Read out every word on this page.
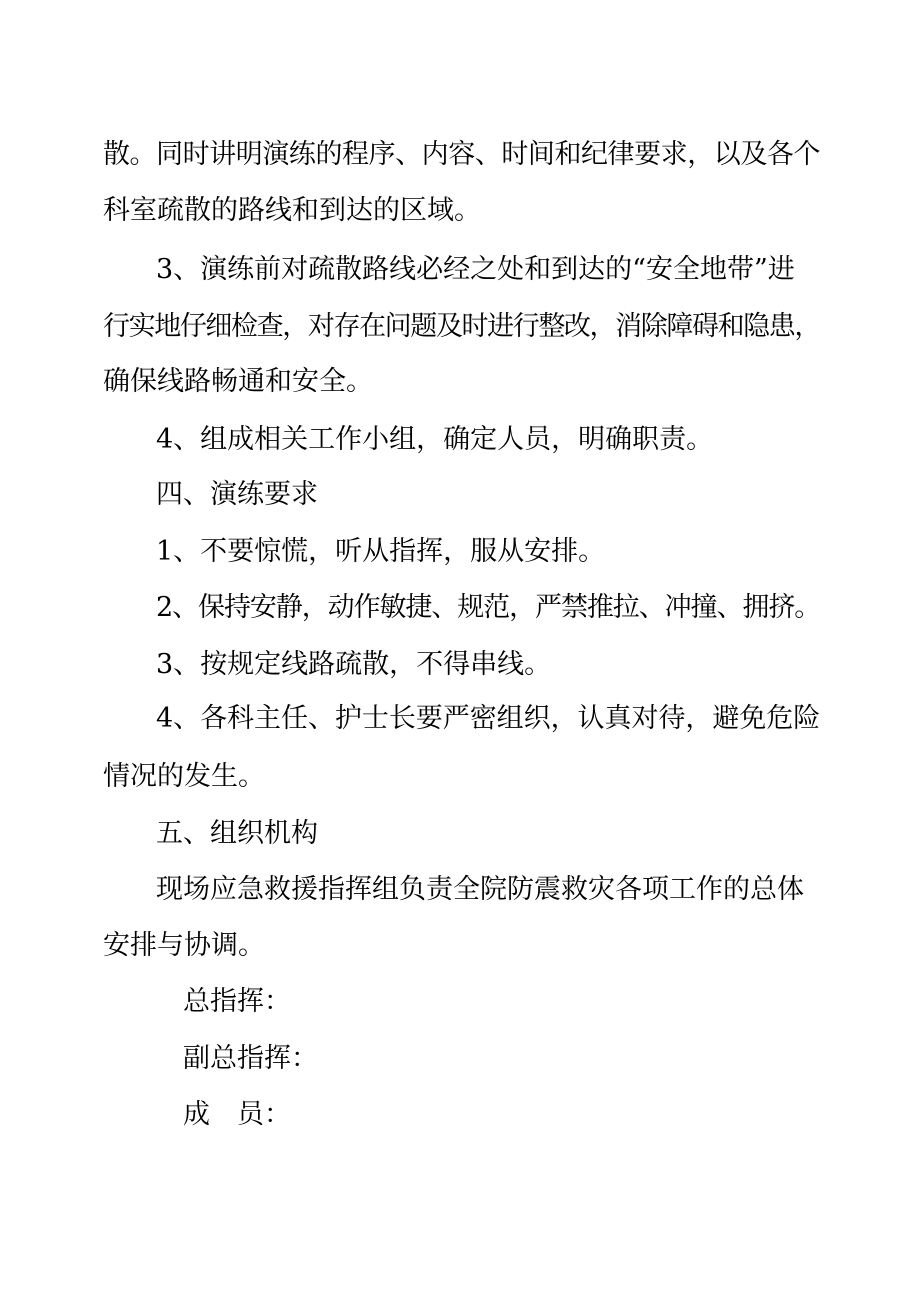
散。同时讲明演练的程序、内容、时间和纪律要求，以及各个
科室疏散的路线和到达的区域。
3、演练前对疏散路线必经之处和到达的“安全地带”进
行实地仔细检查，对存在问题及时进行整改，消除障碍和隐患，
确保线路畅通和安全。
4、组成相关工作小组，确定人员，明确职责。
四、演练要求
1、不要惊慌，听从指挥，服从安排。
2、保持安静，动作敏捷、规范，严禁推拉、冲撞、拥挤。
3、按规定线路疏散，不得串线。
4、各科主任、护士长要严密组织，认真对待，避免危险
情况的发生。
五、组织机构
现场应急救援指挥组负责全院防震救灾各项工作的总体
安排与协调。
总指挥：
副总指挥：
成　员：
